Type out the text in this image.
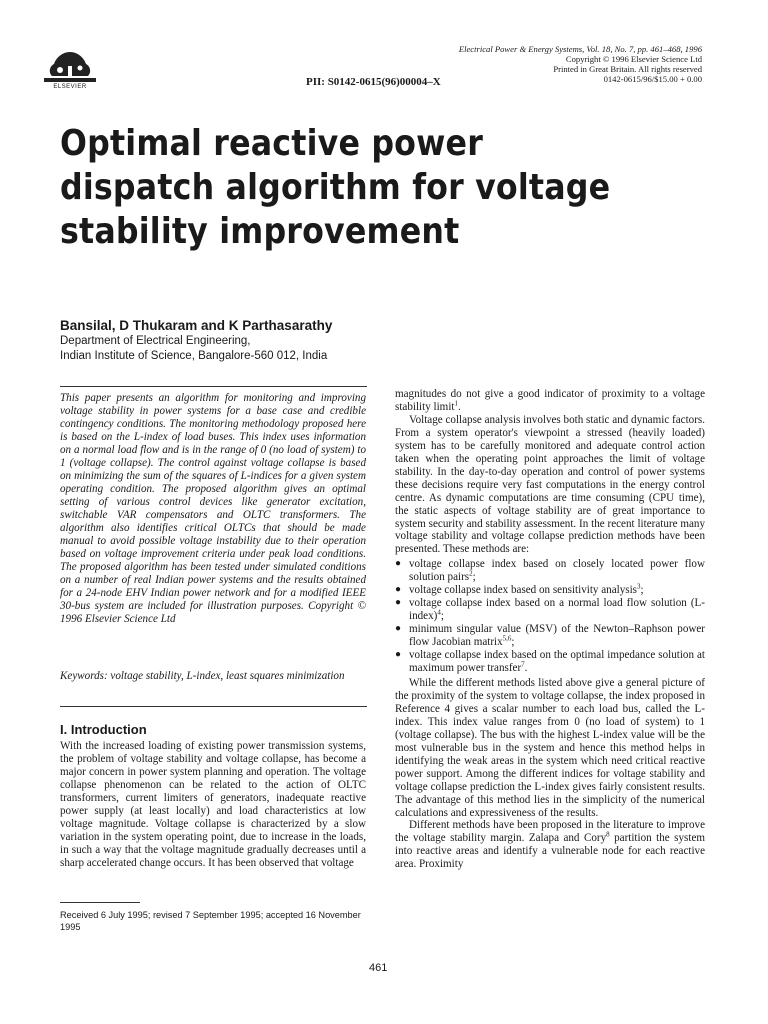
ELSEVIER	PII: S0142-0615(96)00004–X
Electrical Power & Energy Systems, Vol. 18, No. 7, pp. 461–468, 1996
Copyright © 1996 Elsevier Science Ltd
Printed in Great Britain. All rights reserved
0142-0615/96/$15.00 + 0.00
Optimal reactive power dispatch algorithm for voltage stability improvement
Bansilal, D Thukaram and K Parthasarathy
Department of Electrical Engineering,
Indian Institute of Science, Bangalore-560 012, India
This paper presents an algorithm for monitoring and improving voltage stability in power systems for a base case and credible contingency conditions. The monitoring methodology proposed here is based on the L-index of load buses. This index uses information on a normal load flow and is in the range of 0 (no load of system) to 1 (voltage collapse). The control against voltage collapse is based on minimizing the sum of the squares of L-indices for a given system operating condition. The proposed algorithm gives an optimal setting of various control devices like generator excitation, switchable VAR compensators and OLTC transformers. The algorithm also identifies critical OLTCs that should be made manual to avoid possible voltage instability due to their operation based on voltage improvement criteria under peak load conditions. The proposed algorithm has been tested under simulated conditions on a number of real Indian power systems and the results obtained for a 24-node EHV Indian power network and for a modified IEEE 30-bus system are included for illustration purposes. Copyright © 1996 Elsevier Science Ltd
Keywords: voltage stability, L-index, least squares minimization
I. Introduction
With the increased loading of existing power transmission systems, the problem of voltage stability and voltage collapse, has become a major concern in power system planning and operation. The voltage collapse phenomenon can be related to the action of OLTC transformers, current limiters of generators, inadequate reactive power supply (at least locally) and load characteristics at low voltage magnitude. Voltage collapse is characterized by a slow variation in the system operating point, due to increase in the loads, in such a way that the voltage magnitude gradually decreases until a sharp accelerated change occurs. It has been observed that voltage
Received 6 July 1995; revised 7 September 1995; accepted 16 November 1995

magnitudes do not give a good indicator of proximity to a voltage stability limit$^1$.

Voltage collapse analysis involves both static and dynamic factors. From a system operator's viewpoint a stressed (heavily loaded) system has to be carefully monitored and adequate control action taken when the operating point approaches the limit of voltage stability. In the day-to-day operation and control of power systems these decisions require very fast computations in the energy control centre. As dynamic computations are time consuming (CPU time), the static aspects of voltage stability are of great importance to system security and stability assessment. In the recent literature many voltage stability and voltage collapse prediction methods have been presented. These methods are:

● voltage collapse index based on closely located power flow solution pairs$^2$;
● voltage collapse index based on sensitivity analysis$^3$;
● voltage collapse index based on a normal load flow solution (L-index)$^4$;
● minimum singular value (MSV) of the Newton–Raphson power flow Jacobian matrix$^{5,6}$;
● voltage collapse index based on the optimal impedance solution at maximum power transfer$^7$.

While the different methods listed above give a general picture of the proximity of the system to voltage collapse, the index proposed in Reference 4 gives a scalar number to each load bus, called the L-index. This index value ranges from 0 (no load of system) to 1 (voltage collapse). The bus with the highest L-index value will be the most vulnerable bus in the system and hence this method helps in identifying the weak areas in the system which need critical reactive power support. Among the different indices for voltage stability and voltage collapse prediction the L-index gives fairly consistent results. The advantage of this method lies in the simplicity of the numerical calculations and expressiveness of the results.

Different methods have been proposed in the literature to improve the voltage stability margin. Zalapa and Cory$^8$ partition the system into reactive areas and identify a vulnerable node for each reactive area. Proximity

461
